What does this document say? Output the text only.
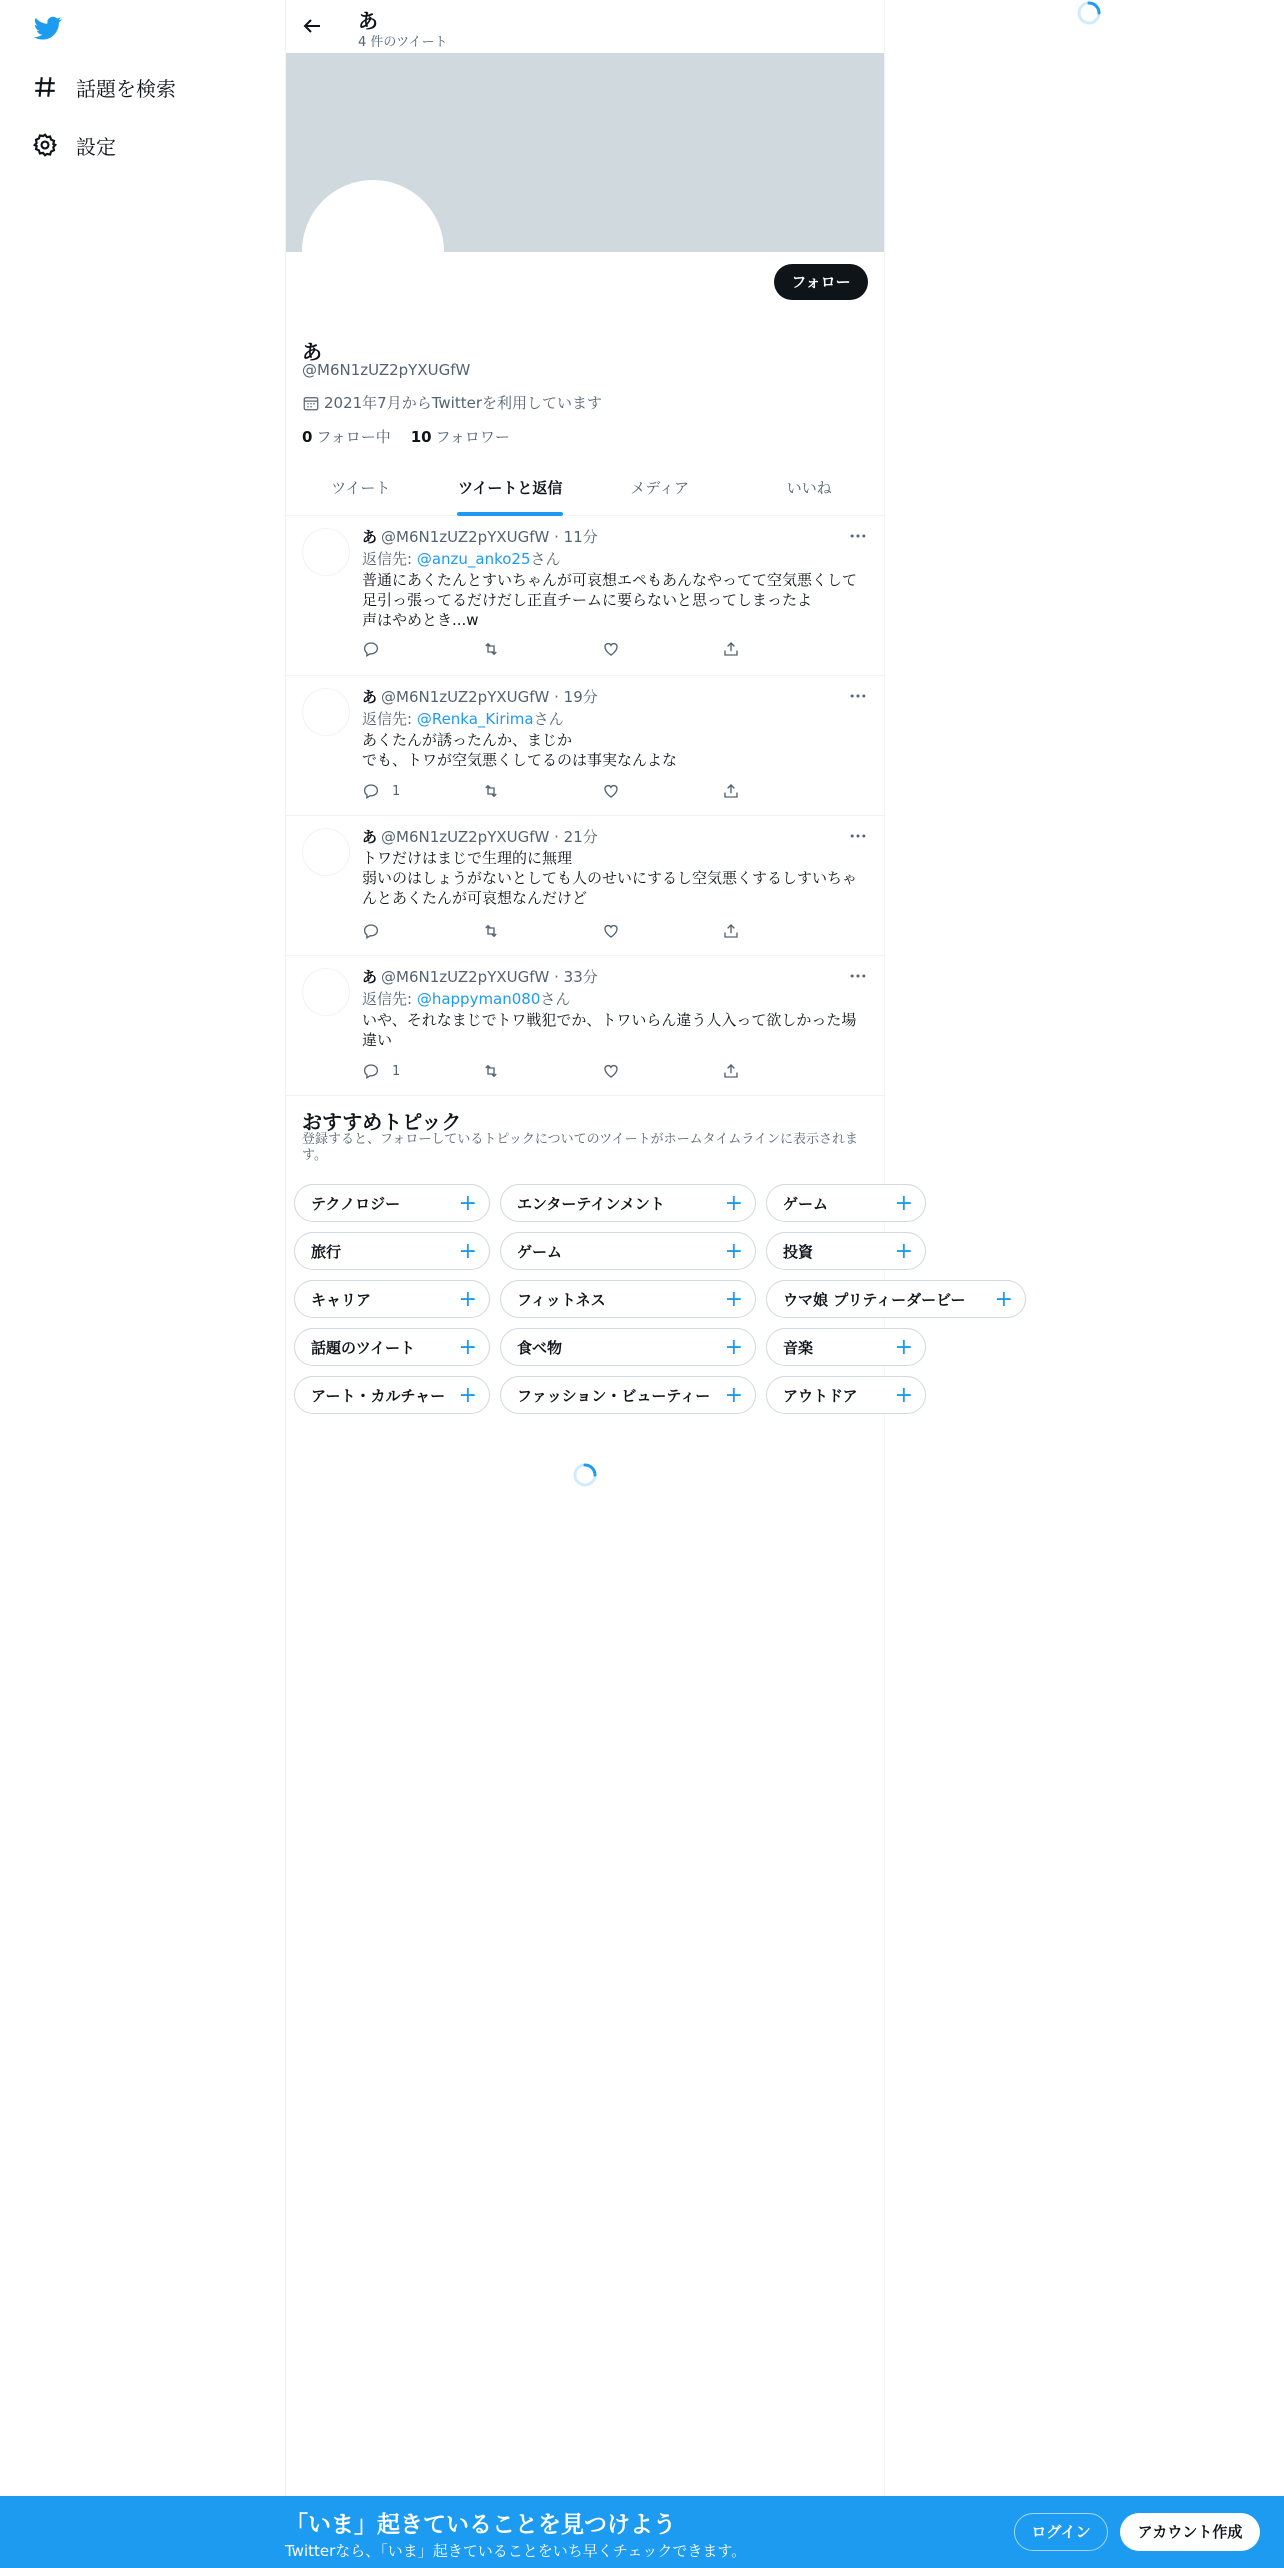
話題を検索
設定
あ
4 件のツイート
フォロー
あ
@M6N1zUZ2pYXUGfW
2021年7月からTwitterを利用しています
0 フォロー中 10 フォロワー
ツイート	ツイートと返信	メディア	いいね
あ @M6N1zUZ2pYXUGfW · 11分
返信先: @anzu_anko25さん
普通にあくたんとすいちゃんが可哀想エペもあんなやってて空気悪くして足引っ張ってるだけだし正直チームに要らないと思ってしまったよ
声はやめとき...w
あ @M6N1zUZ2pYXUGfW · 19分
返信先: @Renka_Kirimaさん
あくたんが誘ったんか、まじか
でも、トワが空気悪くしてるのは事実なんよな
1
あ @M6N1zUZ2pYXUGfW · 21分
トワだけはまじで生理的に無理
弱いのはしょうがないとしても人のせいにするし空気悪くするしすいちゃんとあくたんが可哀想なんだけど
あ @M6N1zUZ2pYXUGfW · 33分
返信先: @happyman080さん
いや、それなまじでトワ戦犯でか、トワいらん違う人入って欲しかった場違い
1
おすすめトピック
登録すると、フォローしているトピックについてのツイートがホームタイムラインに表示されます。
テクノロジー	+	エンターテインメント	+	ゲーム	+
旅行	+	ゲーム	+	投資	+
キャリア	+	フィットネス	+	ウマ娘 プリティーダービー +
話題のツイート +	食べ物	+	音楽	+
アート・カルチャー +	ファッション・ビューティー +	アウトドア +
「いま」起きていることを見つけよう
Twitterなら、「いま」起きていることをいち早くチェックできます。
ログイン	アカウント作成
